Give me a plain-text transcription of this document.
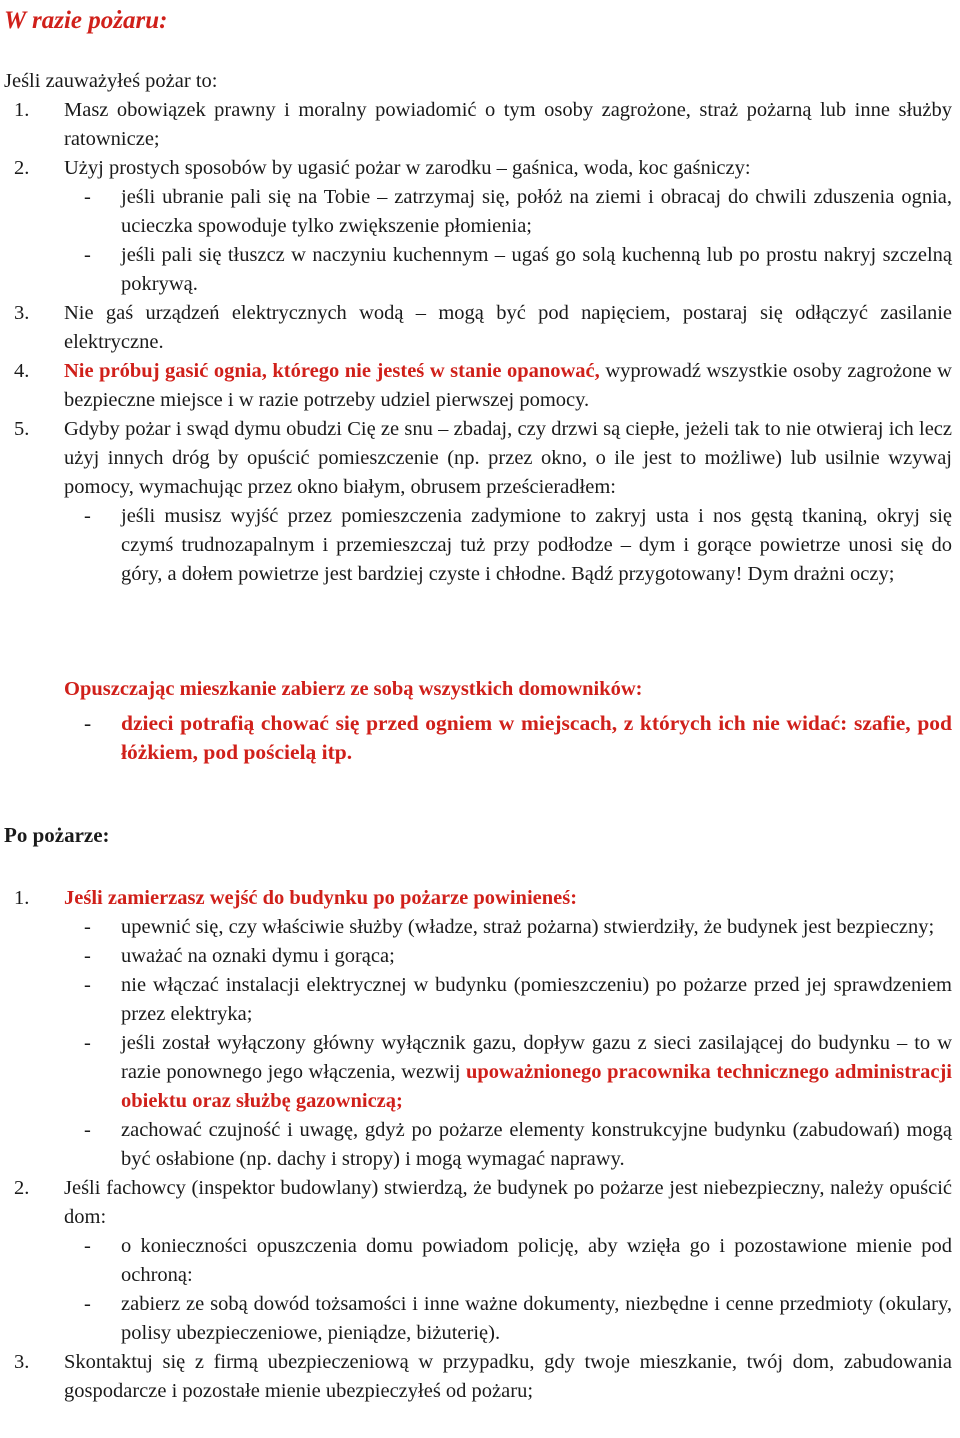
W razie pożaru:
Jeśli zauważyłeś pożar to:
1. Masz obowiązek prawny i moralny powiadomić o tym osoby zagrożone, straż pożarną lub inne służby ratownicze;
2. Użyj prostych sposobów by ugasić pożar w zarodku – gaśnica, woda, koc gaśniczy:
- jeśli ubranie pali się na Tobie – zatrzymaj się, połóż na ziemi i obracaj do chwili zduszenia ognia, ucieczka spowoduje tylko zwiększenie płomienia;
- jeśli pali się tłuszcz w naczyniu kuchennym – ugaś go solą kuchenną lub po prostu nakryj szczelną pokrywą.
3. Nie gaś urządzeń elektrycznych wodą – mogą być pod napięciem, postaraj się odłączyć zasilanie elektryczne.
4. Nie próbuj gasić ognia, którego nie jesteś w stanie opanować, wyprowadź wszystkie osoby zagrożone w bezpieczne miejsce i w razie potrzeby udziel pierwszej pomocy.
5. Gdyby pożar i swąd dymu obudzi Cię ze snu – zbadaj, czy drzwi są ciepłe, jeżeli tak to nie otwieraj ich lecz użyj innych dróg by opuścić pomieszczenie (np. przez okno, o ile jest to możliwe) lub usilnie wzywaj pomocy, wymachując przez okno białym, obrusem prześcieradłem:
- jeśli musisz wyjść przez pomieszczenia zadymione to zakryj usta i nos gęstą tkaniną, okryj się czymś trudnozapalnym i przemieszczaj tuż przy podłodze – dym i gorące powietrze unosi się do góry, a dołem powietrze jest bardziej czyste i chłodne. Bądź przygotowany! Dym drażni oczy;
Opuszczając mieszkanie zabierz ze sobą wszystkich domowników:
- dzieci potrafią chować się przed ogniem w miejscach, z których ich nie widać: szafie, pod łóżkiem, pod pościelą itp.
Po pożarze:
1. Jeśli zamierzasz wejść do budynku po pożarze powinieneś:
- upewnić się, czy właściwie służby (władze, straż pożarna) stwierdziły, że budynek jest bezpieczny;
- uważać na oznaki dymu i gorąca;
- nie włączać instalacji elektrycznej w budynku (pomieszczeniu) po pożarze przed jej sprawdzeniem przez elektryka;
- jeśli został wyłączony główny wyłącznik gazu, dopływ gazu z sieci zasilającej do budynku – to w razie ponownego jego włączenia, wezwij upoważnionego pracownika technicznego administracji obiektu oraz służbę gazowniczą;
- zachować czujność i uwagę, gdyż po pożarze elementy konstrukcyjne budynku (zabudowań) mogą być osłabione (np. dachy i stropy) i mogą wymagać naprawy.
2. Jeśli fachowcy (inspektor budowlany) stwierdzą, że budynek po pożarze jest niebezpieczny, należy opuścić dom:
- o konieczności opuszczenia domu powiadom policję, aby wzięła go i pozostawione mienie pod ochroną:
- zabierz ze sobą dowód tożsamości i inne ważne dokumenty, niezbędne i cenne przedmioty (okulary, polisy ubezpieczeniowe, pieniądze, biżuterię).
3. Skontaktuj się z firmą ubezpieczeniową w przypadku, gdy twoje mieszkanie, twój dom, zabudowania gospodarcze i pozostałe mienie ubezpieczyłeś od pożaru;
